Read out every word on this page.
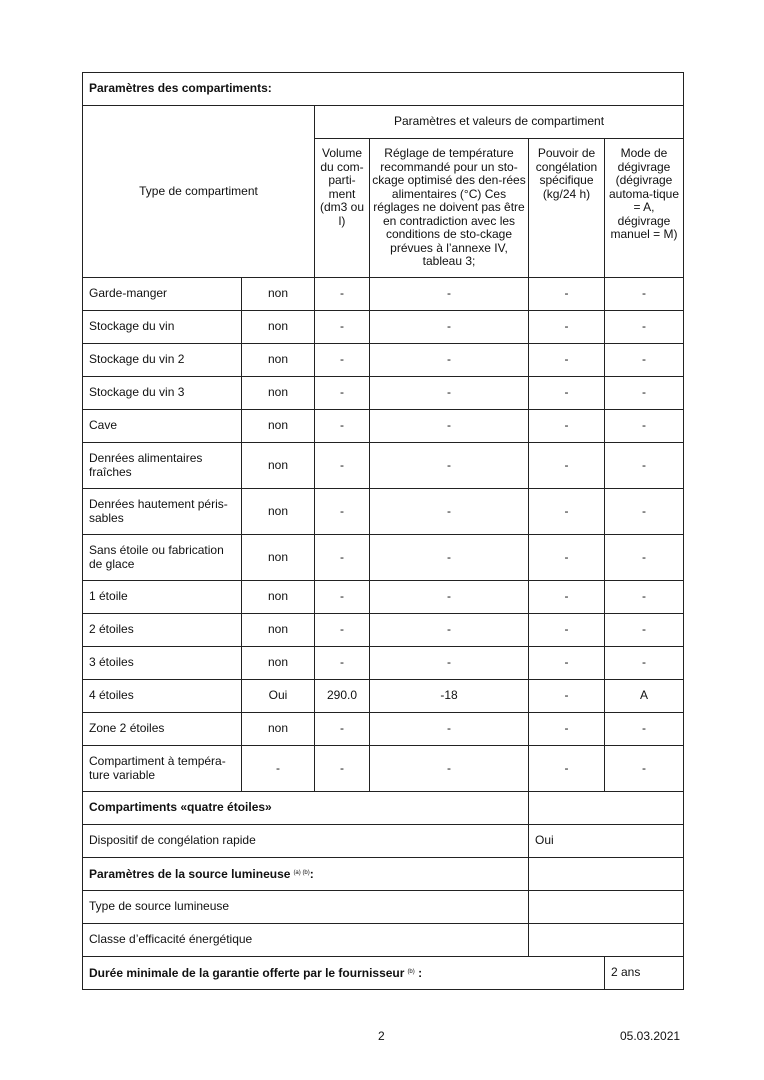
Paramètres des compartiments:					
Type de compartiment		Paramètres et valeurs de compartiment			
		Volume du com-parti-ment (dm3 ou l)	Réglage de température recommandé pour un sto-ckage optimisé des den-rées alimentaires (°C) Ces réglages ne doivent pas être en contradiction avec les conditions de sto-ckage prévues à l’annexe IV, tableau 3;	Pouvoir de congélation spécifique (kg/24 h)	Mode de dégivrage (dégivrage automa-tique = A, dégivrage manuel = M)
Garde-manger	non	-	-	-	-
Stockage du vin	non	-	-	-	-
Stockage du vin 2	non	-	-	-	-
Stockage du vin 3	non	-	-	-	-
Cave	non	-	-	-	-
Denrées alimentaires fraîches	non	-	-	-	-
Denrées hautement péris-sables	non	-	-	-	-
Sans étoile ou fabrication de glace	non	-	-	-	-
1 étoile	non	-	-	-	-
2 étoiles	non	-	-	-	-
3 étoiles	non	-	-	-	-
4 étoiles	Oui	290.0	-18	-	A
Zone 2 étoiles	non	-	-	-	-
Compartiment à tempéra-ture variable	-	-	-	-	-
Compartiments «quatre étoiles»					
Dispositif de congélation rapide				Oui	
Paramètres de la source lumineuse $^{(a) (b)}$:					
Type de source lumineuse					
Classe d’efficacité énergétique					
Durée minimale de la garantie offerte par le fournisseur $^{(b)}$ :					2 ans
2	05.03.2021
